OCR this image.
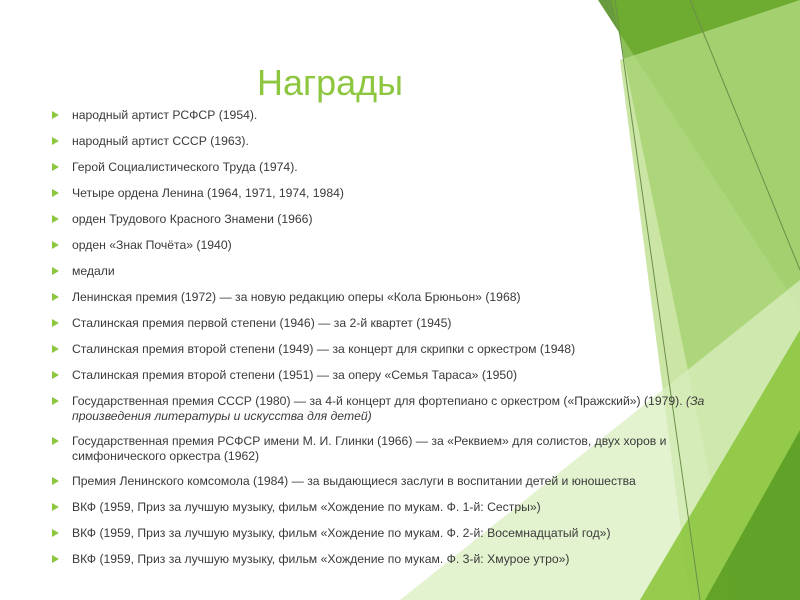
Награды
народный артист РСФСР (1954).
народный артист СССР (1963).
Герой Социалистического Труда (1974).
Четыре ордена Ленина (1964, 1971, 1974, 1984)
орден Трудового Красного Знамени (1966)
орден «Знак Почёта» (1940)
медали
Ленинская премия (1972) — за новую редакцию оперы «Кола Брюньон» (1968)
Сталинская премия первой степени (1946) — за 2-й квартет (1945)
Сталинская премия второй степени (1949) — за концерт для скрипки с оркестром (1948)
Сталинская премия второй степени (1951) — за оперу «Семья Тараса» (1950)
Государственная премия СССР (1980) — за 4-й концерт для фортепиано с оркестром («Пражский») (1979). (За произведения литературы и искусства для детей)
Государственная премия РСФСР имени М. И. Глинки (1966) — за «Реквием» для солистов, двух хоров и симфонического оркестра (1962)
Премия Ленинского комсомола (1984) — за выдающиеся заслуги в воспитании детей и юношества
ВКФ (1959, Приз за лучшую музыку, фильм «Хождение по мукам. Ф. 1-й: Сестры»)
ВКФ (1959, Приз за лучшую музыку, фильм «Хождение по мукам. Ф. 2-й: Восемнадцатый год»)
ВКФ (1959, Приз за лучшую музыку, фильм «Хождение по мукам. Ф. 3-й: Хмурое утро»)
